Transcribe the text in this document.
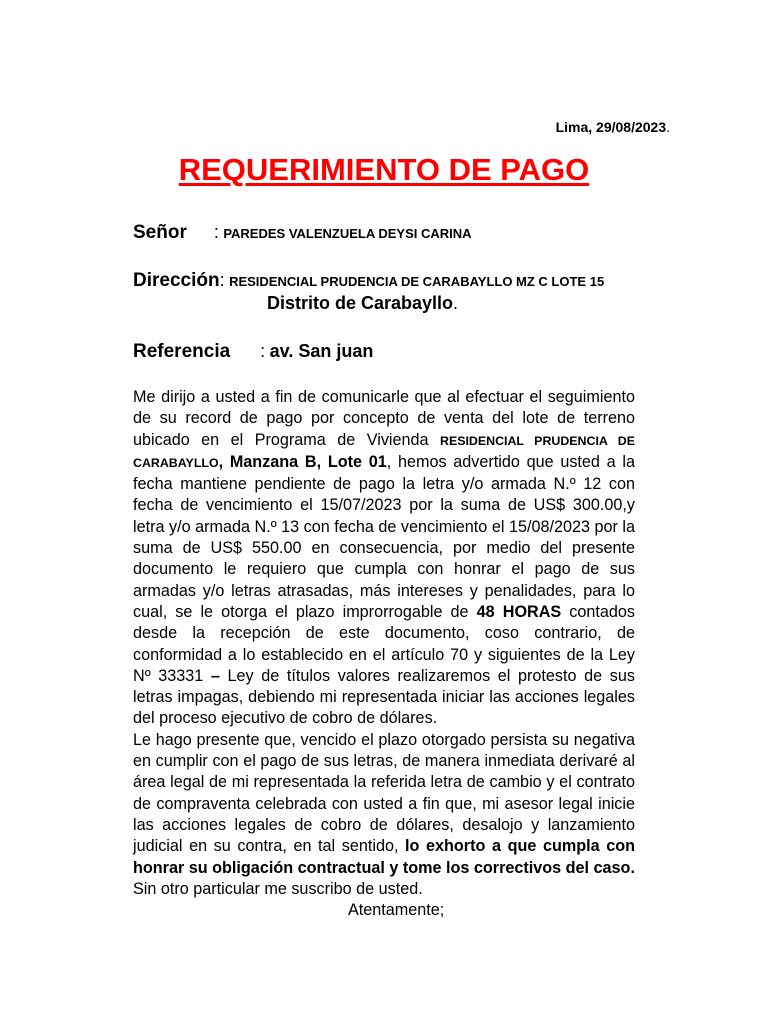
Lima, 29/08/2023.
REQUERIMIENTO DE PAGO
Señor : PAREDES VALENZUELA DEYSI CARINA
Dirección: RESIDENCIAL PRUDENCIA DE CARABAYLLO MZ C LOTE 15
Distrito de Carabayllo.
Referencia : av. San juan

Me dirijo a usted a fin de comunicarle que al efectuar el seguimiento de su record de pago por concepto de venta del lote de terreno ubicado en el Programa de Vivienda RESIDENCIAL PRUDENCIA DE CARABAYLLO, Manzana B, Lote 01, hemos advertido que usted a la fecha mantiene pendiente de pago la letra y/o armada N.º 12 con fecha de vencimiento el 15/07/2023 por la suma de US$ 300.00,y letra y/o armada N.º 13 con fecha de vencimiento el 15/08/2023 por la suma de US$ 550.00 en consecuencia, por medio del presente documento le requiero que cumpla con honrar el pago de sus armadas y/o letras atrasadas, más intereses y penalidades, para lo cual, se le otorga el plazo improrrogable de 48 HORAS contados desde la recepción de este documento, coso contrario, de conformidad a lo establecido en el artículo 70 y siguientes de la Ley Nº 33331 – Ley de títulos valores realizaremos el protesto de sus letras impagas, debiendo mi representada iniciar las acciones legales del proceso ejecutivo de cobro de dólares.

Le hago presente que, vencido el plazo otorgado persista su negativa en cumplir con el pago de sus letras, de manera inmediata derivaré al área legal de mi representada la referida letra de cambio y el contrato de compraventa celebrada con usted a fin que, mi asesor legal inicie las acciones legales de cobro de dólares, desalojo y lanzamiento judicial en su contra, en tal sentido, lo exhorto a que cumpla con honrar su obligación contractual y tome los correctivos del caso.

Sin otro particular me suscribo de usted.

Atentamente;
